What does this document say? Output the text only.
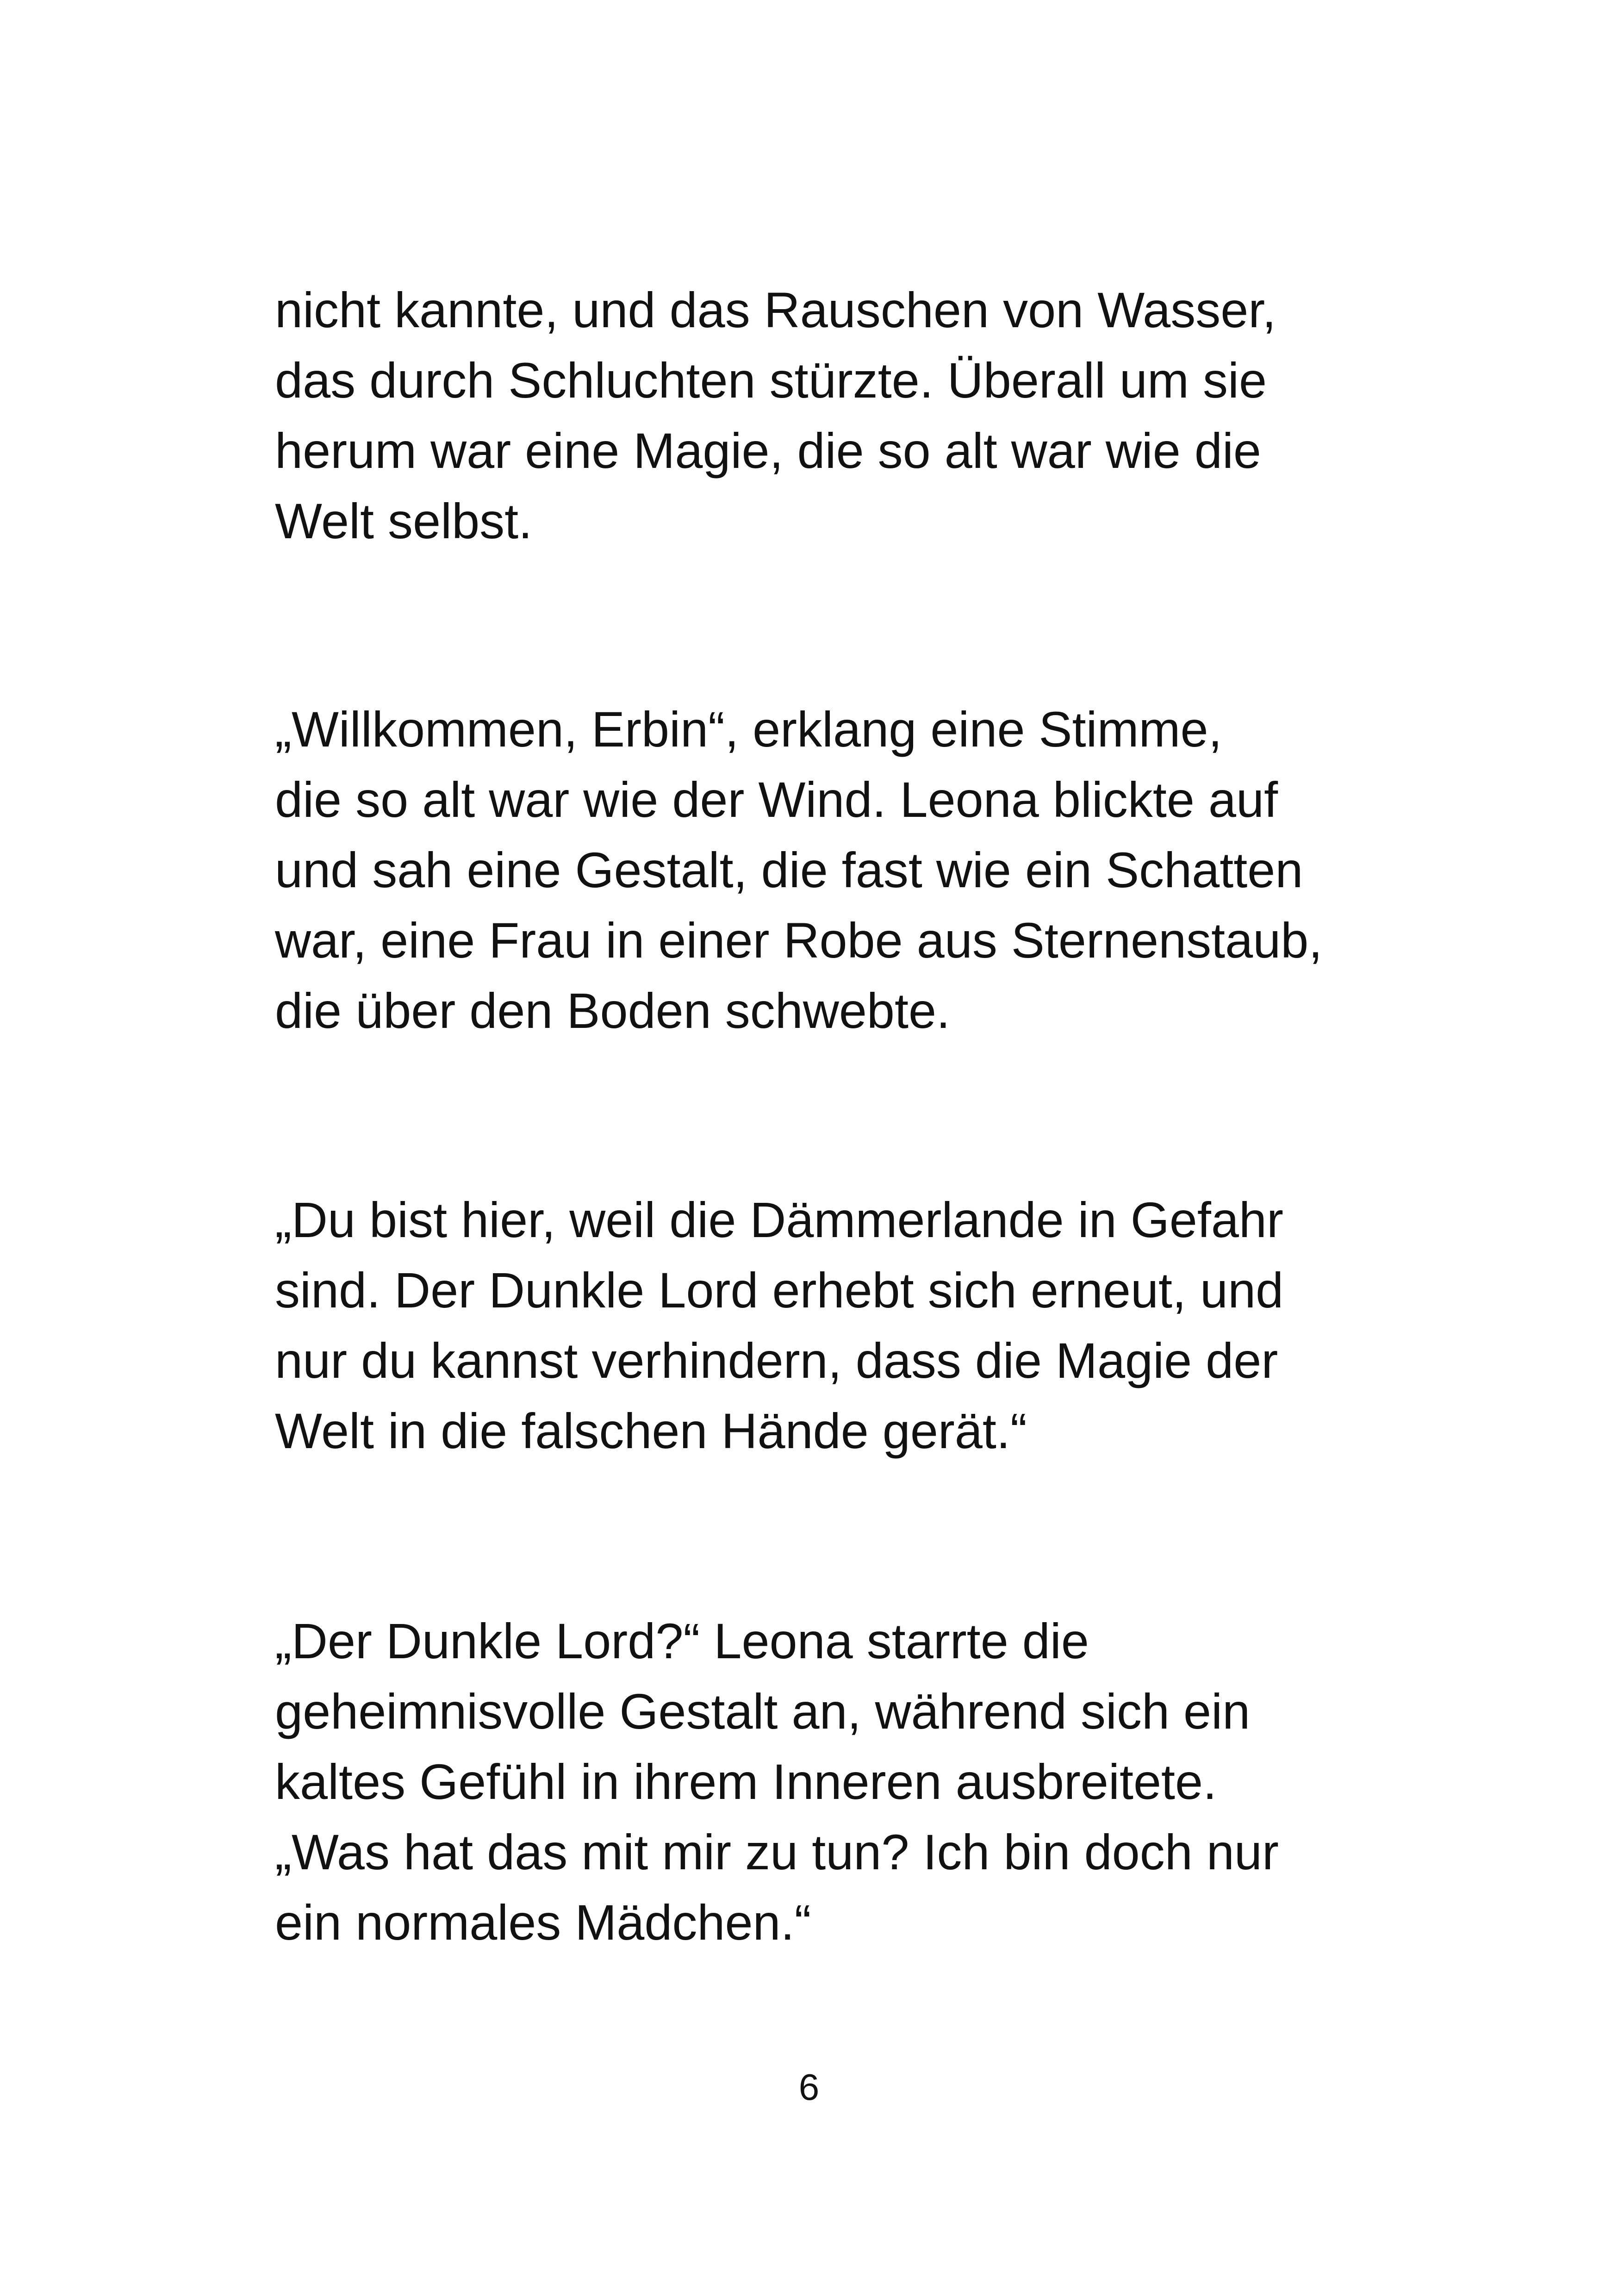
nicht kannte, und das Rauschen von Wasser,
das durch Schluchten stürzte. Überall um sie
herum war eine Magie, die so alt war wie die
Welt selbst.

„Willkommen, Erbin“, erklang eine Stimme,
die so alt war wie der Wind. Leona blickte auf
und sah eine Gestalt, die fast wie ein Schatten
war, eine Frau in einer Robe aus Sternenstaub,
die über den Boden schwebte.

„Du bist hier, weil die Dämmerlande in Gefahr
sind. Der Dunkle Lord erhebt sich erneut, und
nur du kannst verhindern, dass die Magie der
Welt in die falschen Hände gerät.“

„Der Dunkle Lord?“ Leona starrte die
geheimnisvolle Gestalt an, während sich ein
kaltes Gefühl in ihrem Inneren ausbreitete.
„Was hat das mit mir zu tun? Ich bin doch nur
ein normales Mädchen.“

6
